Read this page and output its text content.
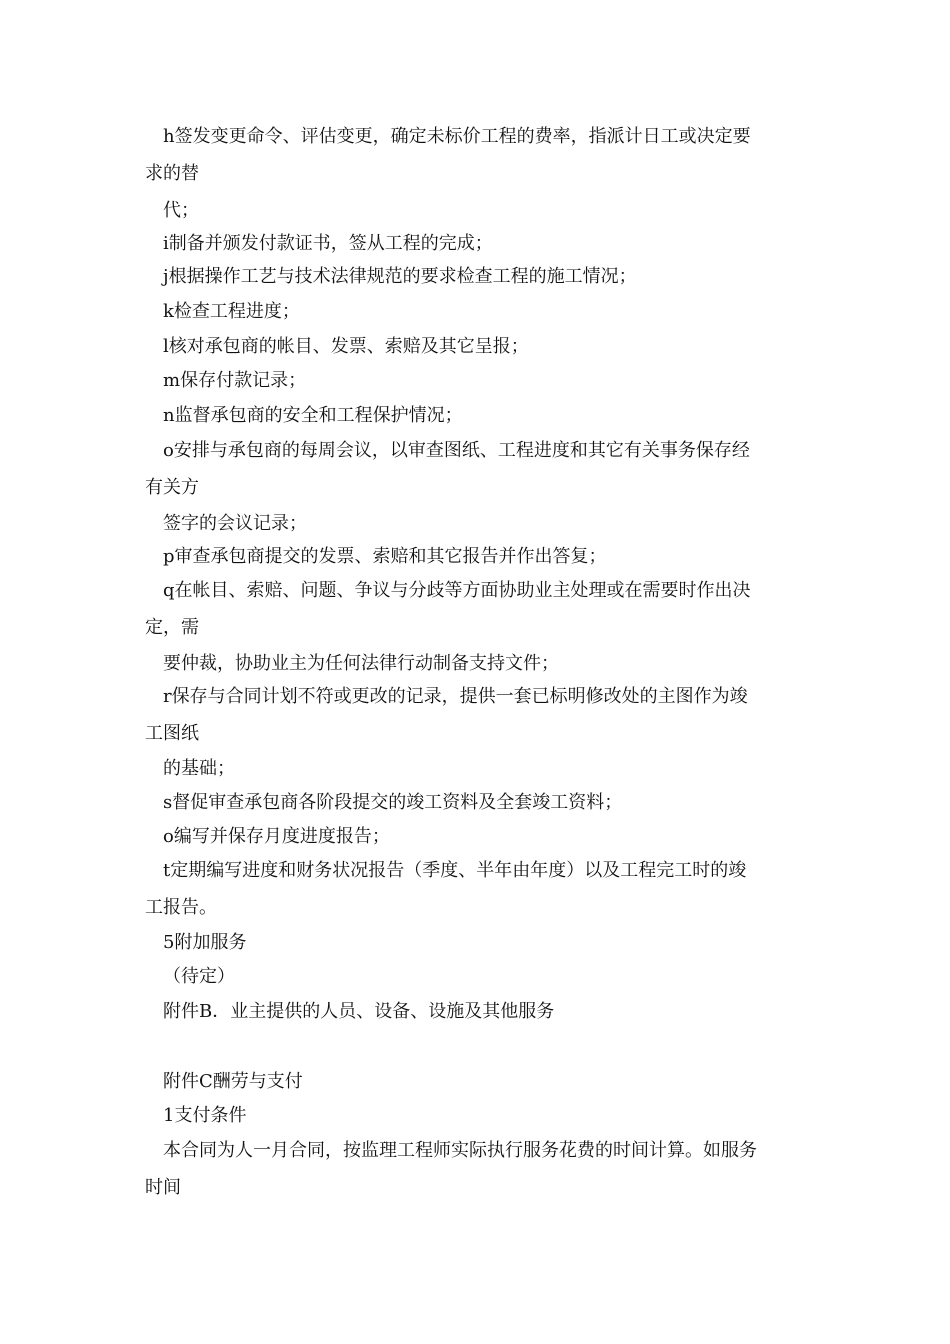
h签发变更命令、评估变更，确定未标价工程的费率，指派计日工或决定要
求的替
代；
i制备并颁发付款证书，签从工程的完成；
j根据操作工艺与技术法律规范的要求检查工程的施工情况；
k检查工程进度；
l核对承包商的帐目、发票、索赔及其它呈报；
m保存付款记录；
n监督承包商的安全和工程保护情况；
o安排与承包商的每周会议，以审查图纸、工程进度和其它有关事务保存经
有关方
签字的会议记录；
p审查承包商提交的发票、索赔和其它报告并作出答复；
q在帐目、索赔、问题、争议与分歧等方面协助业主处理或在需要时作出决
定，需
要仲裁，协助业主为任何法律行动制备支持文件；
r保存与合同计划不符或更改的记录，提供一套已标明修改处的主图作为竣
工图纸
的基础；
s督促审查承包商各阶段提交的竣工资料及全套竣工资料；
o编写并保存月度进度报告；
t定期编写进度和财务状况报告（季度、半年由年度）以及工程完工时的竣
工报告。
5附加服务
（待定）
附件B．业主提供的人员、设备、设施及其他服务
附件C酬劳与支付
1支付条件
本合同为人一月合同，按监理工程师实际执行服务花费的时间计算。如服务
时间
